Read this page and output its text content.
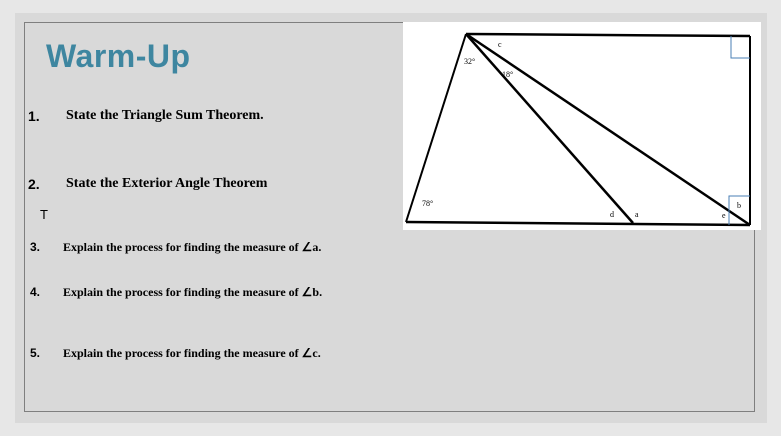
Warm-Up
1. State the Triangle Sum Theorem.
2. State the Exterior Angle Theorem
T
3. Explain the process for finding the measure of ∠a.
4. Explain the process for finding the measure of ∠b.
5. Explain the process for finding the measure of ∠c.
32°
18°
78°
c
d	a	e
b
